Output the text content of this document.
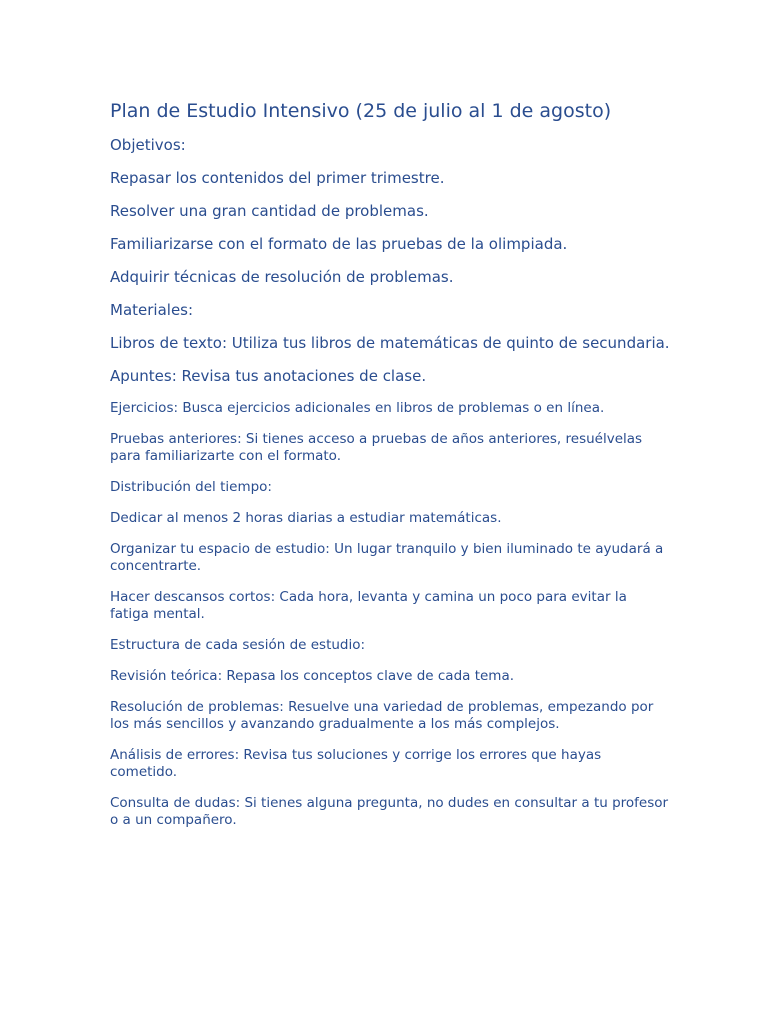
Plan de Estudio Intensivo (25 de julio al 1 de agosto)

Objetivos:

Repasar los contenidos del primer trimestre.

Resolver una gran cantidad de problemas.

Familiarizarse con el formato de las pruebas de la olimpiada.

Adquirir técnicas de resolución de problemas.

Materiales:

Libros de texto: Utiliza tus libros de matemáticas de quinto de secundaria.

Apuntes: Revisa tus anotaciones de clase.

Ejercicios: Busca ejercicios adicionales en libros de problemas o en línea.

Pruebas anteriores: Si tienes acceso a pruebas de años anteriores, resuélvelas para familiarizarte con el formato.

Distribución del tiempo:

Dedicar al menos 2 horas diarias a estudiar matemáticas.

Organizar tu espacio de estudio: Un lugar tranquilo y bien iluminado te ayudará a concentrarte.

Hacer descansos cortos: Cada hora, levanta y camina un poco para evitar la fatiga mental.

Estructura de cada sesión de estudio:

Revisión teórica: Repasa los conceptos clave de cada tema.

Resolución de problemas: Resuelve una variedad de problemas, empezando por los más sencillos y avanzando gradualmente a los más complejos.

Análisis de errores: Revisa tus soluciones y corrige los errores que hayas cometido.

Consulta de dudas: Si tienes alguna pregunta, no dudes en consultar a tu profesor o a un compañero.
